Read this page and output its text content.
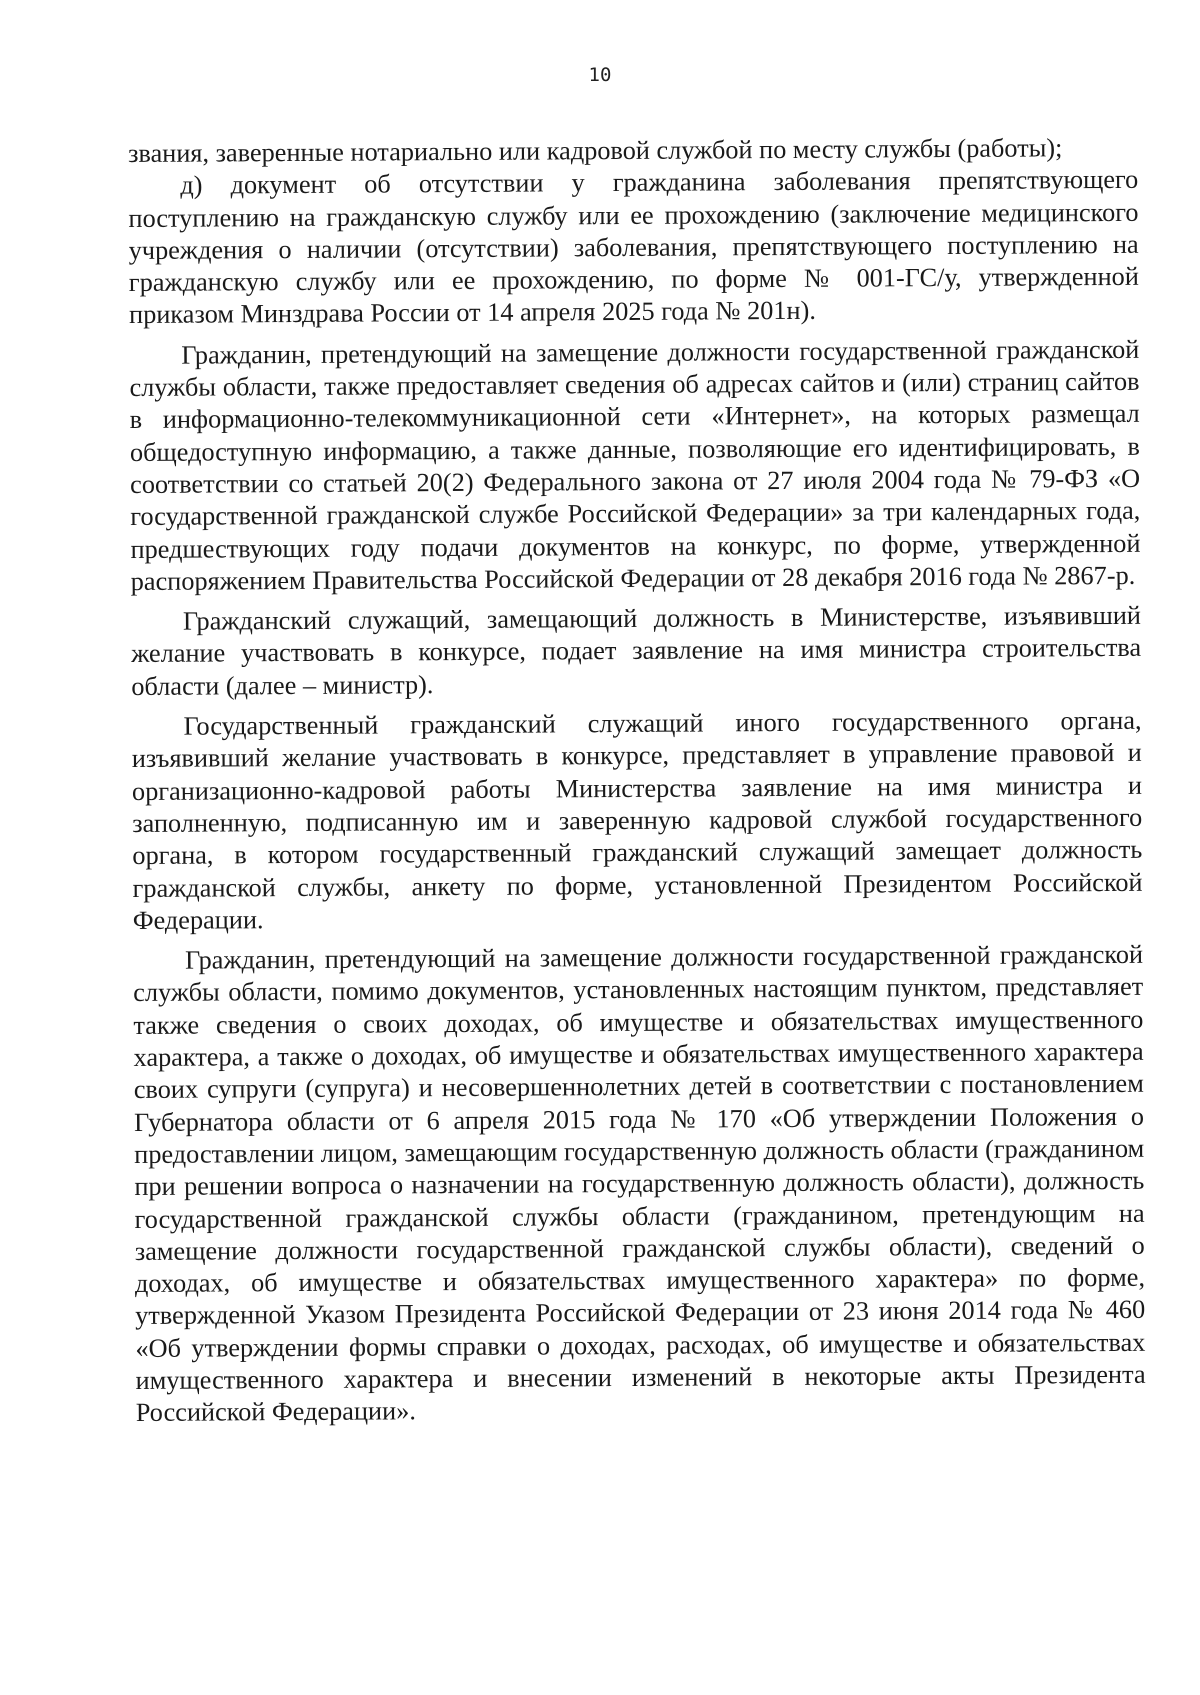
10

звания, заверенные нотариально или кадровой службой по месту службы (работы);

д) документ об отсутствии у гражданина заболевания препятствующего поступлению на гражданскую службу или ее прохождению (заключение медицинского учреждения о наличии (отсутствии) заболевания, препятствующего поступлению на гражданскую службу или ее прохождению, по форме № 001-ГС/у, утвержденной приказом Минздрава России от 14 апреля 2025 года № 201н).

Гражданин, претендующий на замещение должности государственной гражданской службы области, также предоставляет сведения об адресах сайтов и (или) страниц сайтов в информационно-телекоммуникационной сети «Интернет», на которых размещал общедоступную информацию, а также данные, позволяющие его идентифицировать, в соответствии со статьей 20(2) Федерального закона от 27 июля 2004 года № 79-ФЗ «О государственной гражданской службе Российской Федерации» за три календарных года, предшествующих году подачи документов на конкурс, по форме, утвержденной распоряжением Правительства Российской Федерации от 28 декабря 2016 года № 2867-р.

Гражданский служащий, замещающий должность в Министерстве, изъявивший желание участвовать в конкурсе, подает заявление на имя министра строительства области (далее – министр).

Государственный гражданский служащий иного государственного органа, изъявивший желание участвовать в конкурсе, представляет в управление правовой и организационно-кадровой работы Министерства заявление на имя министра и заполненную, подписанную им и заверенную кадровой службой государственного органа, в котором государственный гражданский служащий замещает должность гражданской службы, анкету по форме, установленной Президентом Российской Федерации.

Гражданин, претендующий на замещение должности государственной гражданской службы области, помимо документов, установленных настоящим пунктом, представляет также сведения о своих доходах, об имуществе и обязательствах имущественного характера, а также о доходах, об имуществе и обязательствах имущественного характера своих супруги (супруга) и несовершеннолетних детей в соответствии с постановлением Губернатора области от 6 апреля 2015 года № 170 «Об утверждении Положения о предоставлении лицом, замещающим государственную должность области (гражданином при решении вопроса о назначении на государственную должность области), должность государственной гражданской службы области (гражданином, претендующим на замещение должности государственной гражданской службы области), сведений о доходах, об имуществе и обязательствах имущественного характера» по форме, утвержденной Указом Президента Российской Федерации от 23 июня 2014 года № 460 «Об утверждении формы справки о доходах, расходах, об имуществе и обязательствах имущественного характера и внесении изменений в некоторые акты Президента Российской Федерации».
